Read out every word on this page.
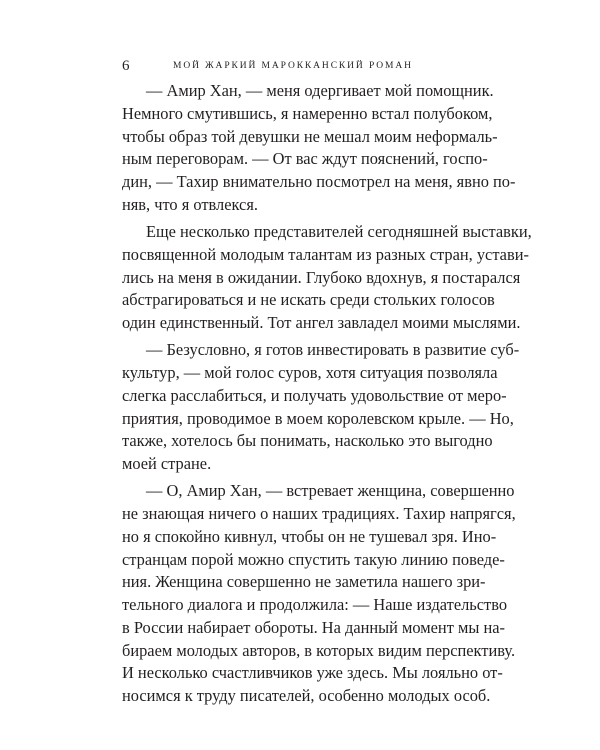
6	МОЙ ЖАРКИЙ МАРОККАНСКИЙ РОМАН
— Амир Хан, — меня одергивает мой помощник.
Немного смутившись, я намеренно встал полубоком,
чтобы образ той девушки не мешал моим неформаль-
ным переговорам. — От вас ждут пояснений, госпо-
дин, — Тахир внимательно посмотрел на меня, явно по-
няв, что я отвлекся.
Еще несколько представителей сегодняшней выставки,
посвященной молодым талантам из разных стран, устави-
лись на меня в ожидании. Глубоко вдохнув, я постарался
абстрагироваться и не искать среди стольких голосов
один единственный. Тот ангел завладел моими мыслями.
— Безусловно, я готов инвестировать в развитие суб-
культур, — мой голос суров, хотя ситуация позволяла
слегка расслабиться, и получать удовольствие от меро-
приятия, проводимое в моем королевском крыле. — Но,
также, хотелось бы понимать, насколько это выгодно
моей стране.
— О, Амир Хан, — встревает женщина, совершенно
не знающая ничего о наших традициях. Тахир напрягся,
но я спокойно кивнул, чтобы он не тушевал зря. Ино-
странцам порой можно спустить такую линию поведе-
ния. Женщина совершенно не заметила нашего зри-
тельного диалога и продолжила: — Наше издательство
в России набирает обороты. На данный момент мы на-
бираем молодых авторов, в которых видим перспективу.
И несколько счастливчиков уже здесь. Мы лояльно от-
носимся к труду писателей, особенно молодых особ.
